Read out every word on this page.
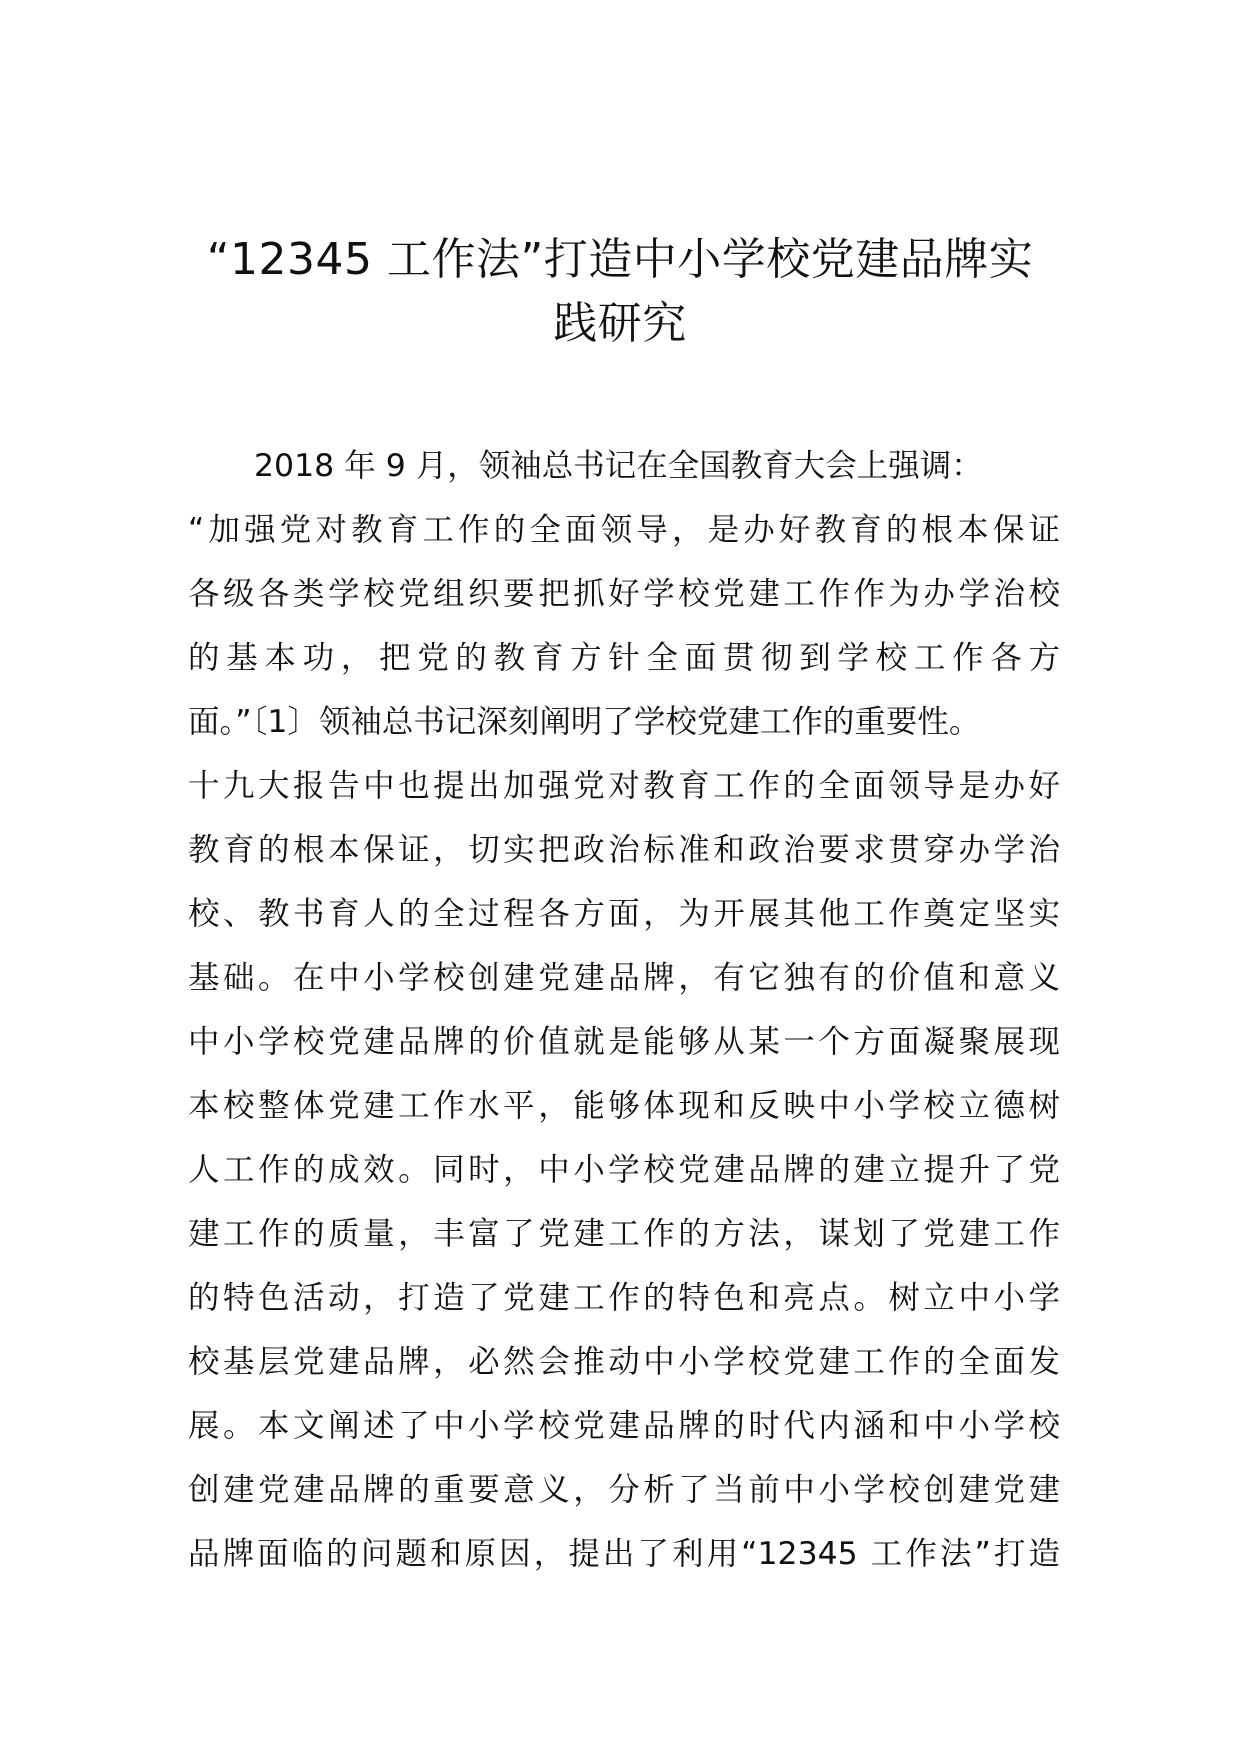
“12345 工作法”打造中小学校党建品牌实
践研究
2018 年 9 月，领袖总书记在全国教育大会上强调：
“加强党对教育工作的全面领导，是办好教育的根本保证
各级各类学校党组织要把抓好学校党建工作作为办学治校
的基本功，把党的教育方针全面贯彻到学校工作各方
面。”〔1〕领袖总书记深刻阐明了学校党建工作的重要性。
十九大报告中也提出加强党对教育工作的全面领导是办好
教育的根本保证，切实把政治标准和政治要求贯穿办学治
校、教书育人的全过程各方面，为开展其他工作奠定坚实
基础。在中小学校创建党建品牌，有它独有的价值和意义
中小学校党建品牌的价值就是能够从某一个方面凝聚展现
本校整体党建工作水平，能够体现和反映中小学校立德树
人工作的成效。同时，中小学校党建品牌的建立提升了党
建工作的质量，丰富了党建工作的方法，谋划了党建工作
的特色活动，打造了党建工作的特色和亮点。树立中小学
校基层党建品牌，必然会推动中小学校党建工作的全面发
展。本文阐述了中小学校党建品牌的时代内涵和中小学校
创建党建品牌的重要意义，分析了当前中小学校创建党建
品牌面临的问题和原因，提出了利用“12345 工作法”打造
